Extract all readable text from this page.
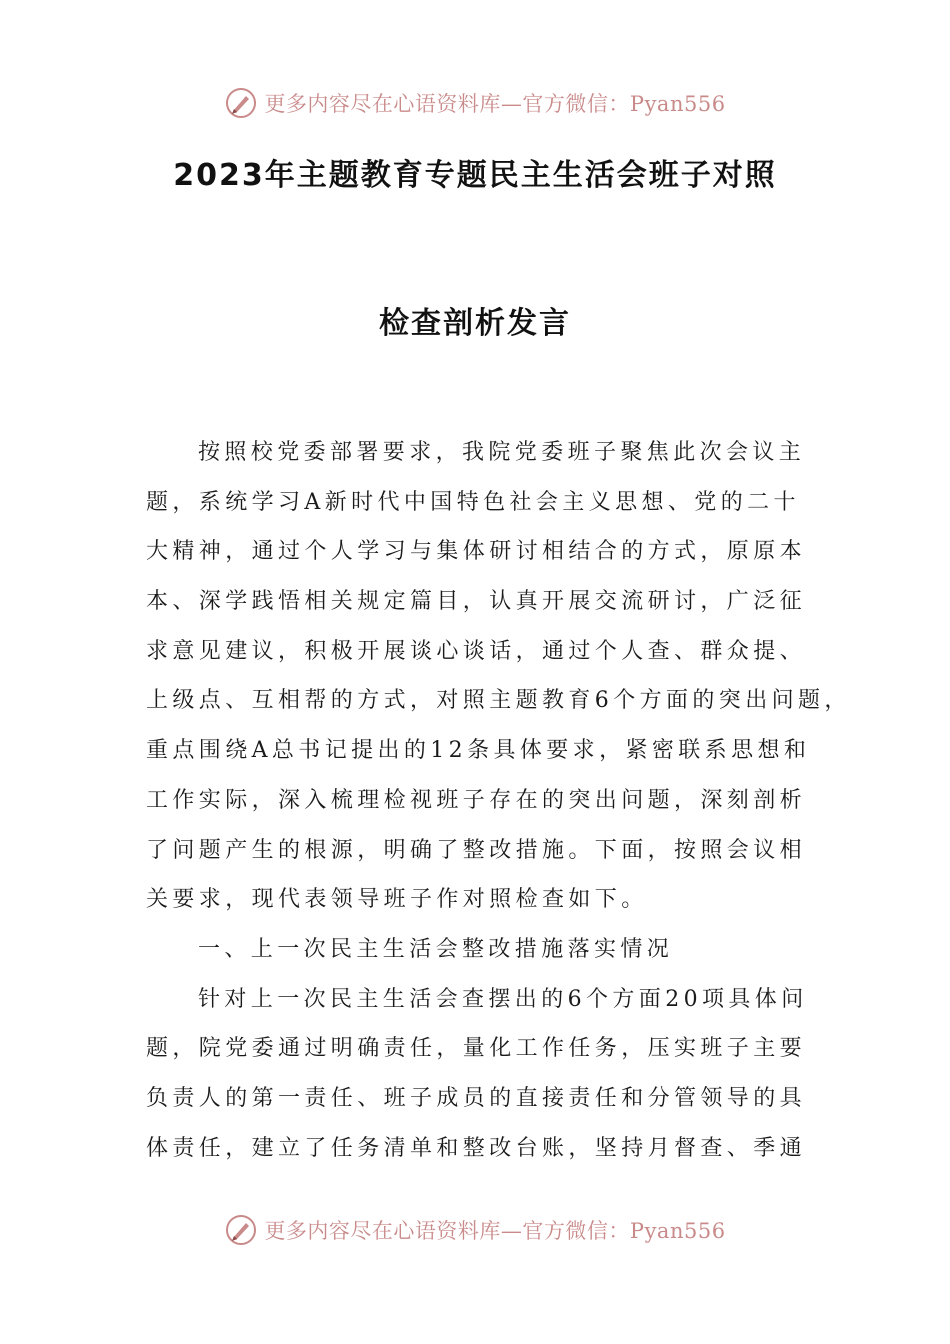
更多内容尽在心语资料库—官方微信：Pyan556
2023年主题教育专题民主生活会班子对照
检查剖析发言
按照校党委部署要求，我院党委班子聚焦此次会议主
题，系统学习A新时代中国特色社会主义思想、党的二十
大精神，通过个人学习与集体研讨相结合的方式，原原本
本、深学践悟相关规定篇目，认真开展交流研讨，广泛征
求意见建议，积极开展谈心谈话，通过个人查、群众提、
上级点、互相帮的方式，对照主题教育6个方面的突出问题，
重点围绕A总书记提出的12条具体要求，紧密联系思想和
工作实际，深入梳理检视班子存在的突出问题，深刻剖析
了问题产生的根源，明确了整改措施。下面，按照会议相
关要求，现代表领导班子作对照检查如下。
一、上一次民主生活会整改措施落实情况
针对上一次民主生活会查摆出的6个方面20项具体问
题，院党委通过明确责任，量化工作任务，压实班子主要
负责人的第一责任、班子成员的直接责任和分管领导的具
体责任，建立了任务清单和整改台账，坚持月督查、季通
更多内容尽在心语资料库—官方微信：Pyan556
